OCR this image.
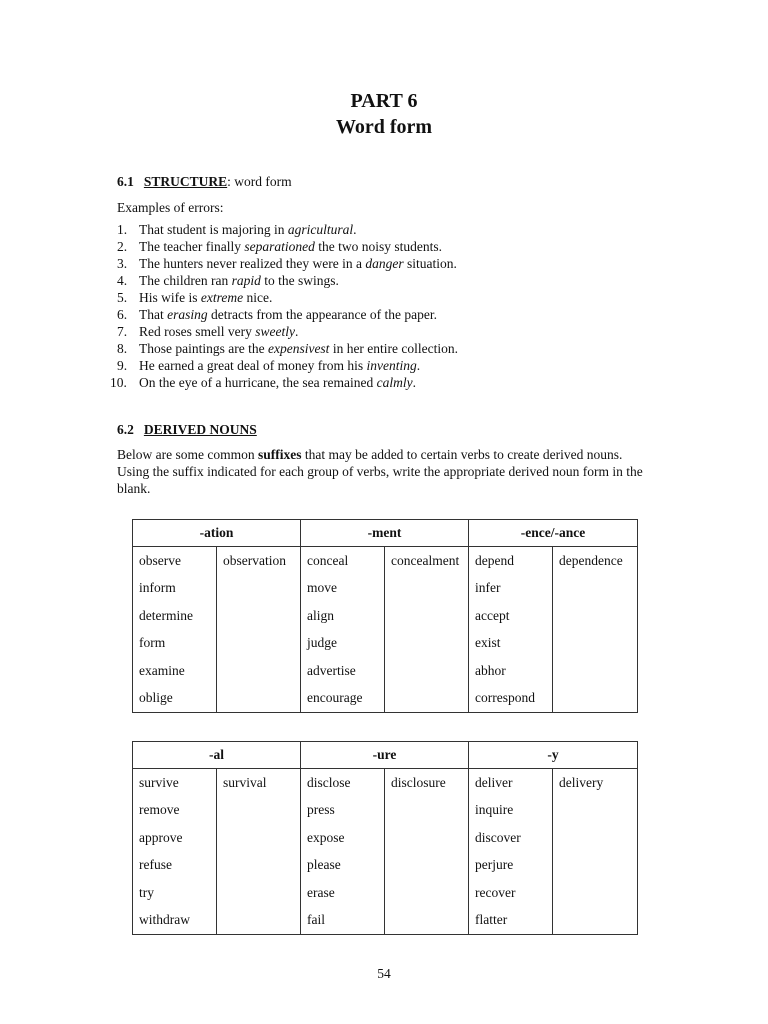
PART 6
Word form
6.1 STRUCTURE: word form
Examples of errors:
1. That student is majoring in agricultural.
2. The teacher finally separationed the two noisy students.
3. The hunters never realized they were in a danger situation.
4. The children ran rapid to the swings.
5. His wife is extreme nice.
6. That erasing detracts from the appearance of the paper.
7. Red roses smell very sweetly.
8. Those paintings are the expensivest in her entire collection.
9. He earned a great deal of money from his inventing.
10. On the eye of a hurricane, the sea remained calmly.
6.2 DERIVED NOUNS
Below are some common suffixes that may be added to certain verbs to create derived nouns. Using the suffix indicated for each group of verbs, write the appropriate derived noun form in the blank.
-ation		-ment		-ence/-ance	
observe	observation	conceal	concealment	depend	dependence
inform		move		infer	
determine		align		accept	
form		judge		exist	
examine		advertise		abhor	
oblige		encourage		correspond	
-al		-ure		-y	
survive	survival	disclose	disclosure	deliver	delivery
remove		press		inquire	
approve		expose		discover	
refuse		please		perjure	
try		erase		recover	
withdraw		fail		flatter	
54
